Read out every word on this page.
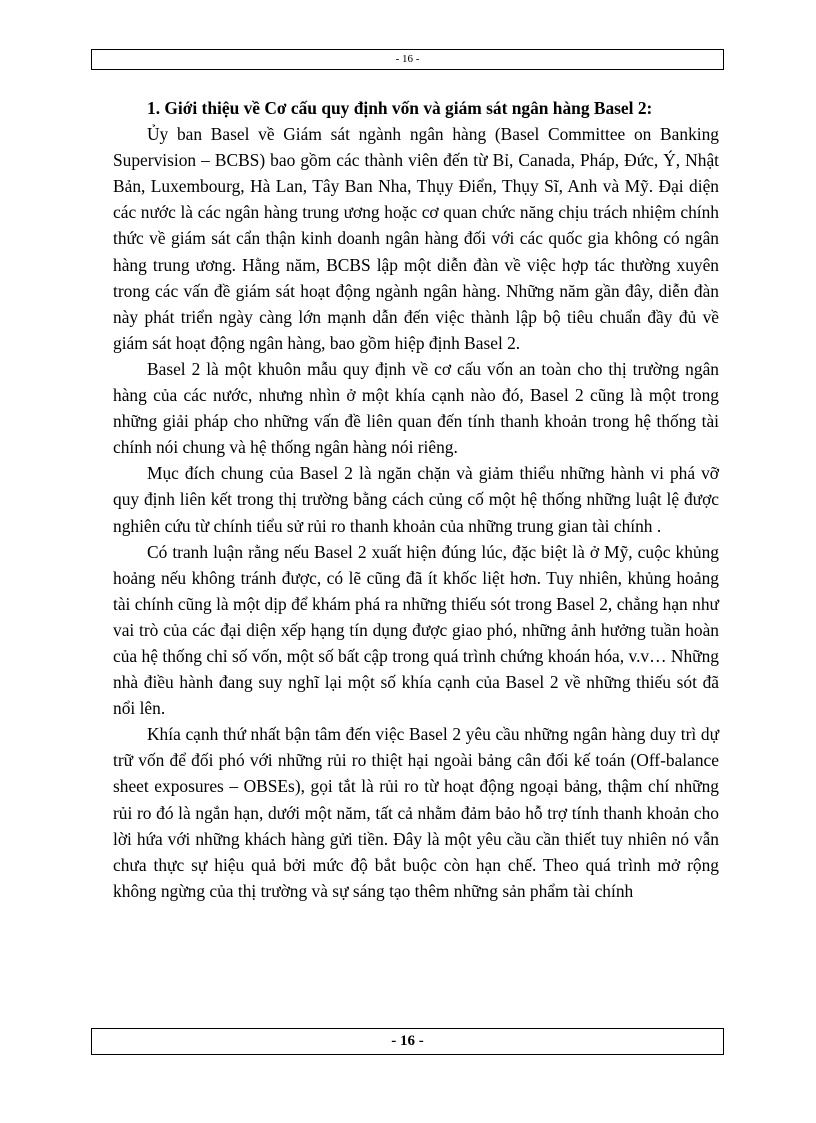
- 16 -

1. Giới thiệu về Cơ cấu quy định vốn và giám sát ngân hàng Basel 2:

Ủy ban Basel về Giám sát ngành ngân hàng (Basel Committee on Banking Supervision – BCBS) bao gồm các thành viên đến từ Bỉ, Canada, Pháp, Đức, Ý, Nhật Bản, Luxembourg, Hà Lan, Tây Ban Nha, Thụy Điển, Thụy Sĩ, Anh và Mỹ. Đại diện các nước là các ngân hàng trung ương hoặc cơ quan chức năng chịu trách nhiệm chính thức về giám sát cẩn thận kinh doanh ngân hàng đối với các quốc gia không có ngân hàng trung ương. Hằng năm, BCBS lập một diễn đàn về việc hợp tác thường xuyên trong các vấn đề giám sát hoạt động ngành ngân hàng. Những năm gần đây, diễn đàn này phát triển ngày càng lớn mạnh dẫn đến việc thành lập bộ tiêu chuẩn đầy đủ về giám sát hoạt động ngân hàng, bao gồm hiệp định Basel 2.

Basel 2 là một khuôn mẫu quy định về cơ cấu vốn an toàn cho thị trường ngân hàng của các nước, nhưng nhìn ở một khía cạnh nào đó, Basel 2 cũng là một trong những giải pháp cho những vấn đề liên quan đến tính thanh khoản trong hệ thống tài chính nói chung và hệ thống ngân hàng nói riêng.

Mục đích chung của Basel 2 là ngăn chặn và giảm thiểu những hành vi phá vỡ quy định liên kết trong thị trường bằng cách củng cố một hệ thống những luật lệ được nghiên cứu từ chính tiểu sử rủi ro thanh khoản của những trung gian tài chính .

Có tranh luận rằng nếu Basel 2 xuất hiện đúng lúc, đặc biệt là ở Mỹ, cuộc khủng hoảng nếu không tránh được, có lẽ cũng đã ít khốc liệt hơn. Tuy nhiên, khủng hoảng tài chính cũng là một dịp để khám phá ra những thiếu sót trong Basel 2, chẳng hạn như vai trò của các đại diện xếp hạng tín dụng được giao phó, những ảnh hưởng tuần hoàn của hệ thống chỉ số vốn, một số bất cập trong quá trình chứng khoán hóa, v.v… Những nhà điều hành đang suy nghĩ lại một số khía cạnh của Basel 2 về những thiếu sót đã nổi lên.

Khía cạnh thứ nhất bận tâm đến việc Basel 2 yêu cầu những ngân hàng duy trì dự trữ vốn để đối phó với những rủi ro thiệt hại ngoài bảng cân đối kế toán (Off-balance sheet exposures – OBSEs), gọi tắt là rủi ro từ hoạt động ngoại bảng, thậm chí những rủi ro đó là ngắn hạn, dưới một năm, tất cả nhằm đảm bảo hỗ trợ tính thanh khoản cho lời hứa với những khách hàng gửi tiền. Đây là một yêu cầu cần thiết tuy nhiên nó vẫn chưa thực sự hiệu quả bởi mức độ bắt buộc còn hạn chế. Theo quá trình mở rộng không ngừng của thị trường và sự sáng tạo thêm những sản phẩm tài chính

- 16 -
